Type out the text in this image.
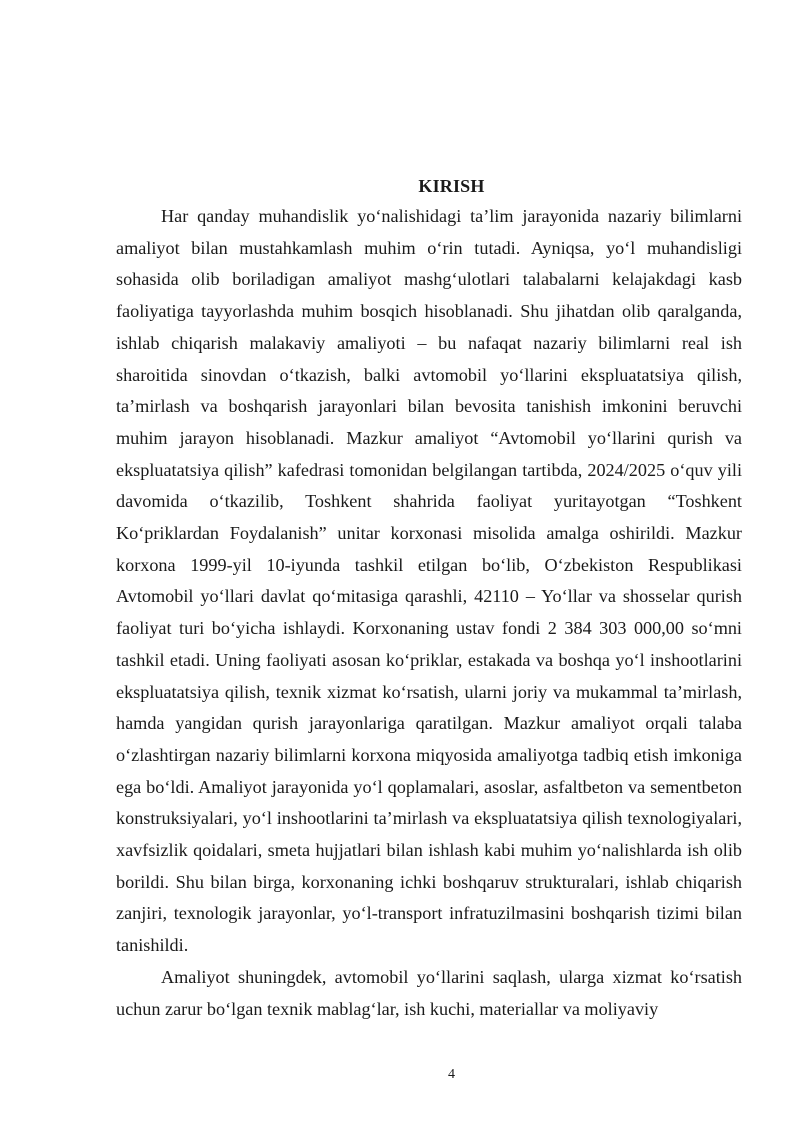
KIRISH

Har qanday muhandislik yo‘nalishidagi ta’lim jarayonida nazariy bilimlarni amaliyot bilan mustahkamlash muhim o‘rin tutadi. Ayniqsa, yo‘l muhandisligi sohasida olib boriladigan amaliyot mashg‘ulotlari talabalarni kelajakdagi kasb faoliyatiga tayyorlashda muhim bosqich hisoblanadi. Shu jihatdan olib qaralganda, ishlab chiqarish malakaviy amaliyoti – bu nafaqat nazariy bilimlarni real ish sharoitida sinovdan o‘tkazish, balki avtomobil yo‘llarini ekspluatatsiya qilish, ta’mirlash va boshqarish jarayonlari bilan bevosita tanishish imkonini beruvchi muhim jarayon hisoblanadi. Mazkur amaliyot “Avtomobil yo‘llarini qurish va ekspluatatsiya qilish” kafedrasi tomonidan belgilangan tartibda, 2024/2025 o‘quv yili davomida o‘tkazilib, Toshkent shahrida faoliyat yuritayotgan “Toshkent Ko‘priklardan Foydalanish” unitar korxonasi misolida amalga oshirildi. Mazkur korxona 1999-yil 10-iyunda tashkil etilgan bo‘lib, O‘zbekiston Respublikasi Avtomobil yo‘llari davlat qo‘mitasiga qarashli, 42110 – Yo‘llar va shosselar qurish faoliyat turi bo‘yicha ishlaydi. Korxonaning ustav fondi 2 384 303 000,00 so‘mni tashkil etadi. Uning faoliyati asosan ko‘priklar, estakada va boshqa yo‘l inshootlarini ekspluatatsiya qilish, texnik xizmat ko‘rsatish, ularni joriy va mukammal ta’mirlash, hamda yangidan qurish jarayonlariga qaratilgan. Mazkur amaliyot orqali talaba o‘zlashtirgan nazariy bilimlarni korxona miqyosida amaliyotga tadbiq etish imkoniga ega bo‘ldi. Amaliyot jarayonida yo‘l qoplamalari, asoslar, asfaltbeton va sementbeton konstruksiyalari, yo‘l inshootlarini ta’mirlash va ekspluatatsiya qilish texnologiyalari, xavfsizlik qoidalari, smeta hujjatlari bilan ishlash kabi muhim yo‘nalishlarda ish olib borildi. Shu bilan birga, korxonaning ichki boshqaruv strukturalari, ishlab chiqarish zanjiri, texnologik jarayonlar, yo‘l-transport infratuzilmasini boshqarish tizimi bilan tanishildi.

Amaliyot shuningdek, avtomobil yo‘llarini saqlash, ularga xizmat ko‘rsatish uchun zarur bo‘lgan texnik mablag‘lar, ish kuchi, materiallar va moliyaviy

4
